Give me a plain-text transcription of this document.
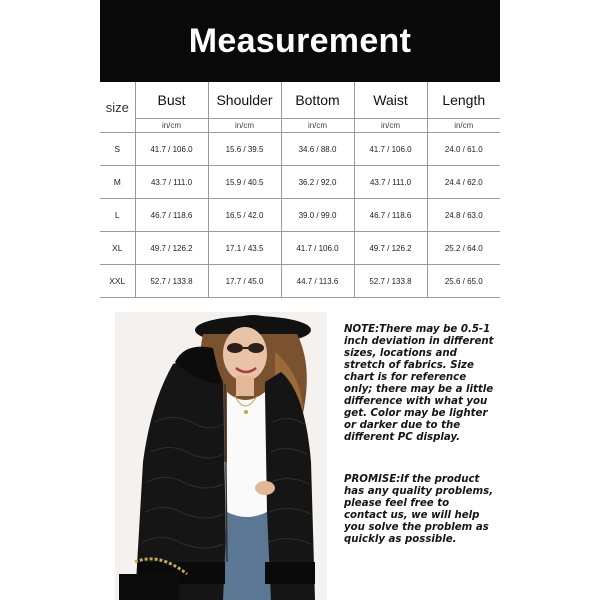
Measurement
size	Bust	Shoulder	Bottom	Waist	Length
	in/cm	in/cm	in/cm	in/cm	in/cm
S	41.7 / 106.0	15.6 / 39.5	34.6 / 88.0	41.7 / 106.0	24.0 / 61.0
M	43.7 / 111.0	15.9 / 40.5	36.2 / 92.0	43.7 / 111.0	24.4 / 62.0
L	46.7 / 118.6	16.5 / 42.0	39.0 / 99.0	46.7 / 118.6	24.8 / 63.0
XL	49.7 / 126.2	17.1 / 43.5	41.7 / 106.0	49.7 / 126.2	25.2 / 64.0
XXL	52.7 / 133.8	17.7 / 45.0	44.7 / 113.6	52.7 / 133.8	25.6 / 65.0

NOTE:There may be 0.5-1 inch deviation in different sizes, locations and stretch of fabrics. Size chart is for reference only; there may be a little difference with what you get. Color may be lighter or darker due to the different PC display.

PROMISE:If the product has any quality problems, please feel free to contact us, we will help you solve the problem as quickly as possible.
